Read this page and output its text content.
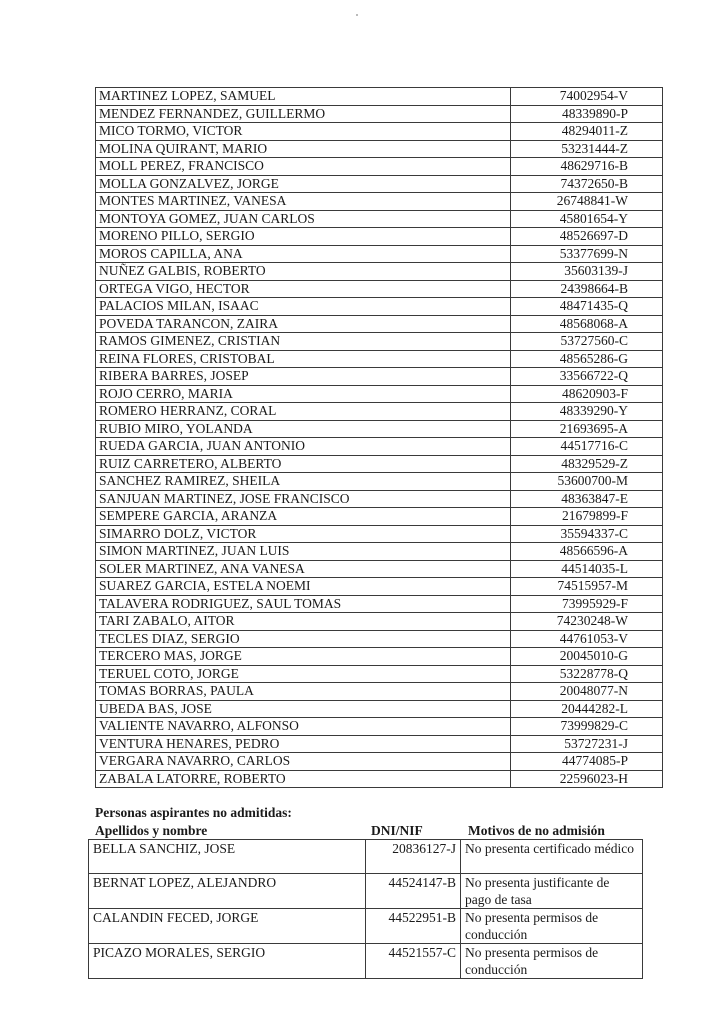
MARTINEZ LOPEZ, SAMUEL	74002954-V
MENDEZ FERNANDEZ, GUILLERMO	48339890-P
MICO TORMO, VICTOR	48294011-Z
MOLINA QUIRANT, MARIO	53231444-Z
MOLL PEREZ, FRANCISCO	48629716-B
MOLLA GONZALVEZ, JORGE	74372650-B
MONTES MARTINEZ, VANESA	26748841-W
MONTOYA GOMEZ, JUAN CARLOS	45801654-Y
MORENO PILLO, SERGIO	48526697-D
MOROS CAPILLA, ANA	53377699-N
NUÑEZ GALBIS, ROBERTO	35603139-J
ORTEGA VIGO, HECTOR	24398664-B
PALACIOS MILAN, ISAAC	48471435-Q
POVEDA TARANCON, ZAIRA	48568068-A
RAMOS GIMENEZ, CRISTIAN	53727560-C
REINA FLORES, CRISTOBAL	48565286-G
RIBERA BARRES, JOSEP	33566722-Q
ROJO CERRO, MARIA	48620903-F
ROMERO HERRANZ, CORAL	48339290-Y
RUBIO MIRO, YOLANDA	21693695-A
RUEDA GARCIA, JUAN ANTONIO	44517716-C
RUIZ CARRETERO, ALBERTO	48329529-Z
SANCHEZ RAMIREZ, SHEILA	53600700-M
SANJUAN MARTINEZ, JOSE FRANCISCO	48363847-E
SEMPERE GARCIA, ARANZA	21679899-F
SIMARRO DOLZ, VICTOR	35594337-C
SIMON MARTINEZ, JUAN LUIS	48566596-A
SOLER MARTINEZ, ANA VANESA	44514035-L
SUAREZ GARCIA, ESTELA NOEMI	74515957-M
TALAVERA RODRIGUEZ, SAUL TOMAS	73995929-F
TARI ZABALO, AITOR	74230248-W
TECLES DIAZ, SERGIO	44761053-V
TERCERO MAS, JORGE	20045010-G
TERUEL COTO, JORGE	53228778-Q
TOMAS BORRAS, PAULA	20048077-N
UBEDA BAS, JOSE	20444282-L
VALIENTE NAVARRO, ALFONSO	73999829-C
VENTURA HENARES, PEDRO	53727231-J
VERGARA NAVARRO, CARLOS	44774085-P
ZABALA LATORRE, ROBERTO	22596023-H
Personas aspirantes no admitidas:
Apellidos y nombre	DNI/NIF	Motivos de no admisión
BELLA SANCHIZ, JOSE	20836127-J	No presenta certificado médico
BERNAT LOPEZ, ALEJANDRO	44524147-B	No presenta justificante de pago de tasa
CALANDIN FECED, JORGE	44522951-B	No presenta permisos de conducción
PICAZO MORALES, SERGIO	44521557-C	No presenta permisos de conducción
